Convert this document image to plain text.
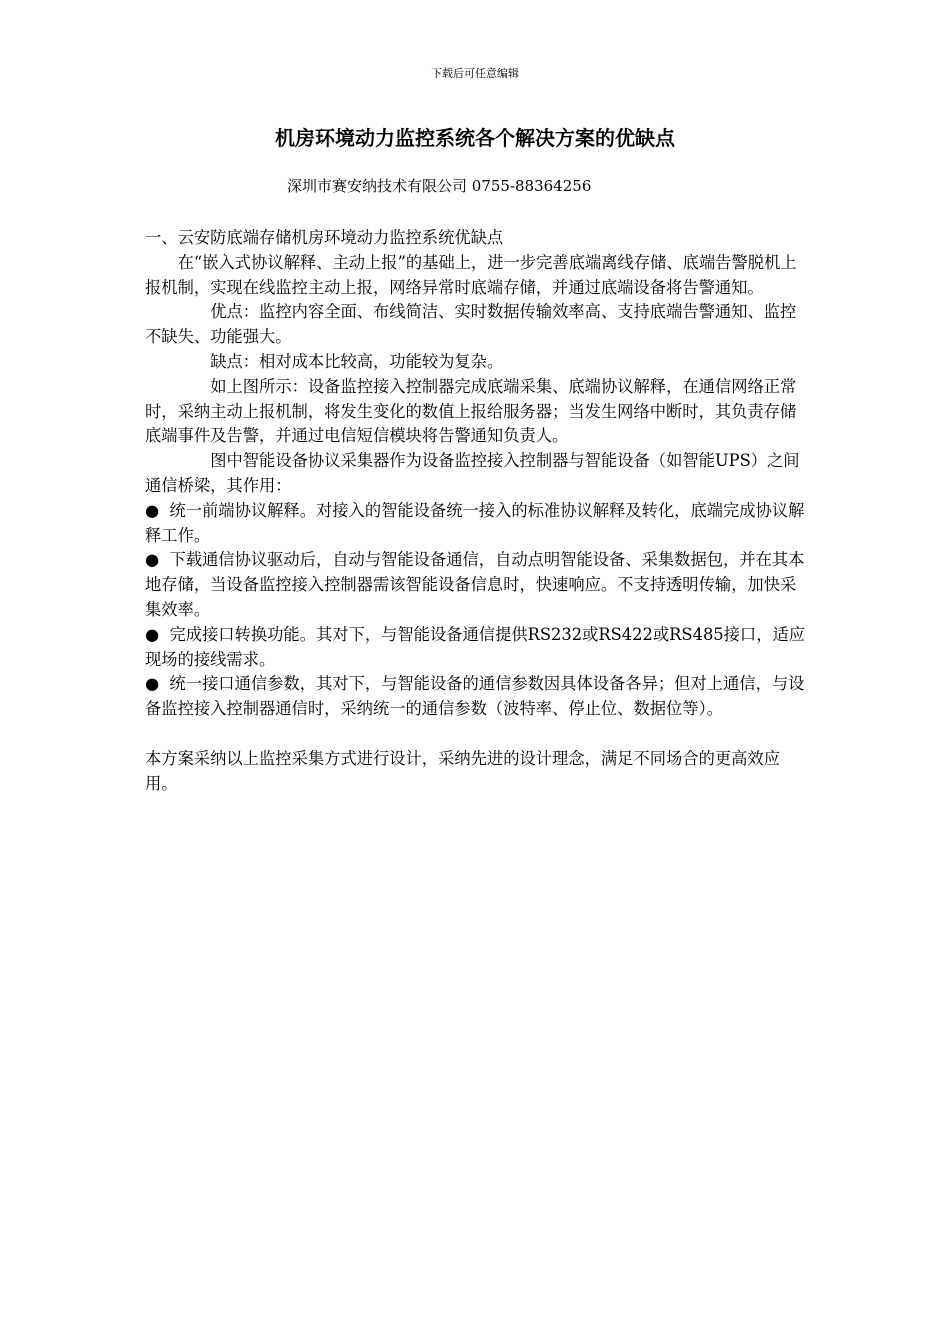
下载后可任意编辑
机房环境动力监控系统各个解决方案的优缺点
深圳市赛安纳技术有限公司 0755-88364256

一、云安防底端存储机房环境动力监控系统优缺点

在“嵌入式协议解释、主动上报”的基础上，进一步完善底端离线存储、底端告警脱机上报机制，实现在线监控主动上报，网络异常时底端存储，并通过底端设备将告警通知。

优点：监控内容全面、布线简洁、实时数据传输效率高、支持底端告警通知、监控不缺失、功能强大。

缺点：相对成本比较高，功能较为复杂。

如上图所示：设备监控接入控制器完成底端采集、底端协议解释，在通信网络正常时，采纳主动上报机制，将发生变化的数值上报给服务器；当发生网络中断时，其负责存储底端事件及告警，并通过电信短信模块将告警通知负责人。

图中智能设备协议采集器作为设备监控接入控制器与智能设备（如智能UPS）之间通信桥梁，其作用：

● 统一前端协议解释。对接入的智能设备统一接入的标准协议解释及转化，底端完成协议解释工作。

● 下载通信协议驱动后，自动与智能设备通信，自动点明智能设备、采集数据包，并在其本地存储，当设备监控接入控制器需该智能设备信息时，快速响应。不支持透明传输，加快采集效率。

● 完成接口转换功能。其对下，与智能设备通信提供RS232或RS422或RS485接口，适应现场的接线需求。

● 统一接口通信参数，其对下，与智能设备的通信参数因具体设备各异；但对上通信，与设备监控接入控制器通信时，采纳统一的通信参数（波特率、停止位、数据位等）。

本方案采纳以上监控采集方式进行设计，采纳先进的设计理念，满足不同场合的更高效应用。
